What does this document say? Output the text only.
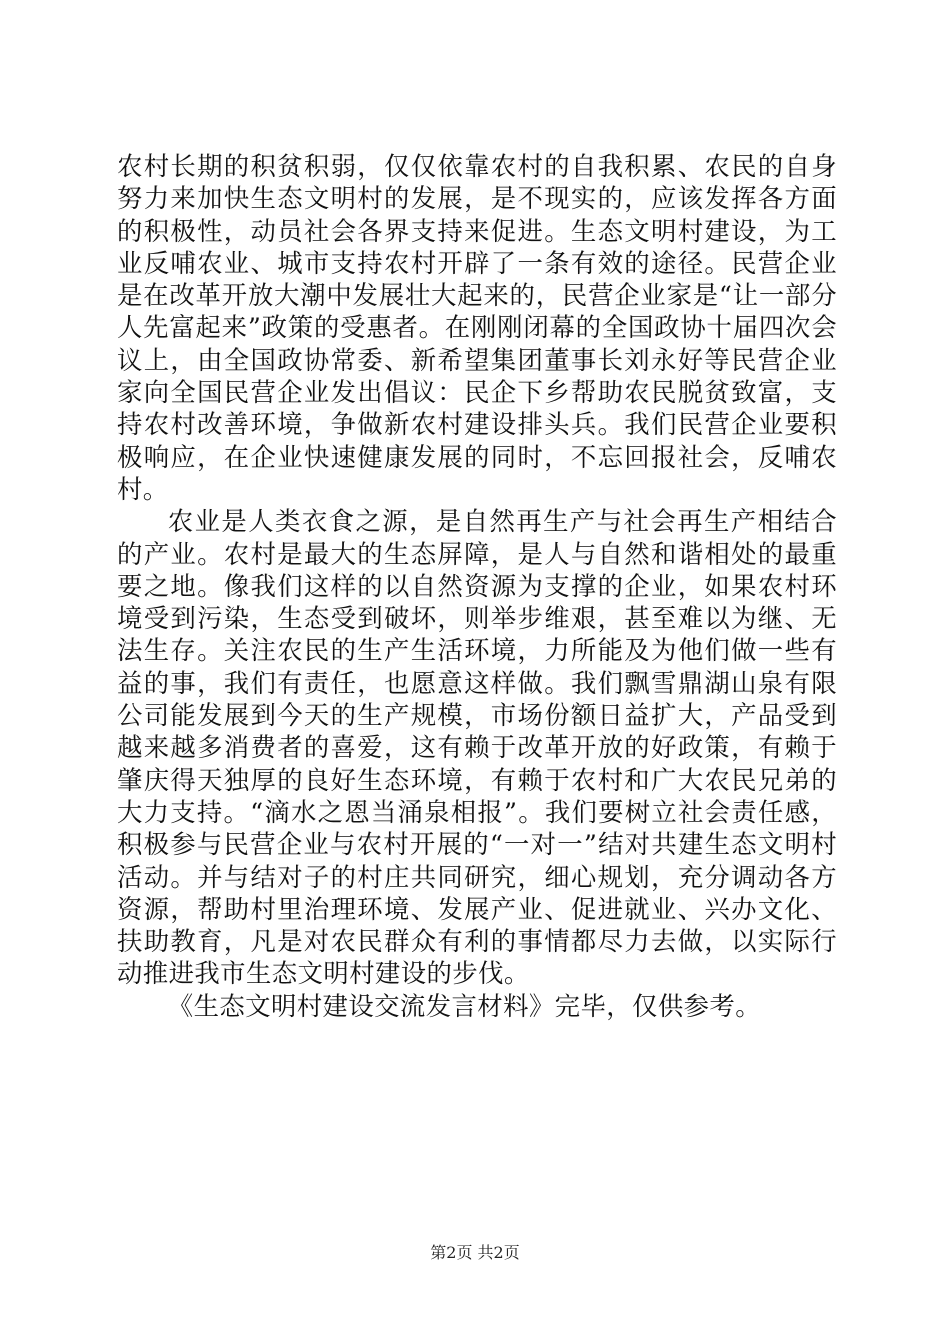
农村长期的积贫积弱，仅仅依靠农村的自我积累、农民的自身努力来加快生态文明村的发展，是不现实的，应该发挥各方面的积极性，动员社会各界支持来促进。生态文明村建设，为工业反哺农业、城市支持农村开辟了一条有效的途径。民营企业是在改革开放大潮中发展壮大起来的，民营企业家是“让一部分人先富起来”政策的受惠者。在刚刚闭幕的全国政协十届四次会议上，由全国政协常委、新希望集团董事长刘永好等民营企业家向全国民营企业发出倡议：民企下乡帮助农民脱贫致富，支持农村改善环境，争做新农村建设排头兵。我们民营企业要积极响应，在企业快速健康发展的同时，不忘回报社会，反哺农村。

农业是人类衣食之源，是自然再生产与社会再生产相结合的产业。农村是最大的生态屏障，是人与自然和谐相处的最重要之地。像我们这样的以自然资源为支撑的企业，如果农村环境受到污染，生态受到破坏，则举步维艰，甚至难以为继、无法生存。关注农民的生产生活环境，力所能及为他们做一些有益的事，我们有责任，也愿意这样做。我们飘雪鼎湖山泉有限公司能发展到今天的生产规模，市场份额日益扩大，产品受到越来越多消费者的喜爱，这有赖于改革开放的好政策，有赖于肇庆得天独厚的良好生态环境，有赖于农村和广大农民兄弟的大力支持。“滴水之恩当涌泉相报”。我们要树立社会责任感，积极参与民营企业与农村开展的“一对一”结对共建生态文明村活动。并与结对子的村庄共同研究，细心规划，充分调动各方资源，帮助村里治理环境、发展产业、促进就业、兴办文化、扶助教育，凡是对农民群众有利的事情都尽力去做，以实际行动推进我市生态文明村建设的步伐。

《生态文明村建设交流发言材料》完毕，仅供参考。

第2页 共2页
